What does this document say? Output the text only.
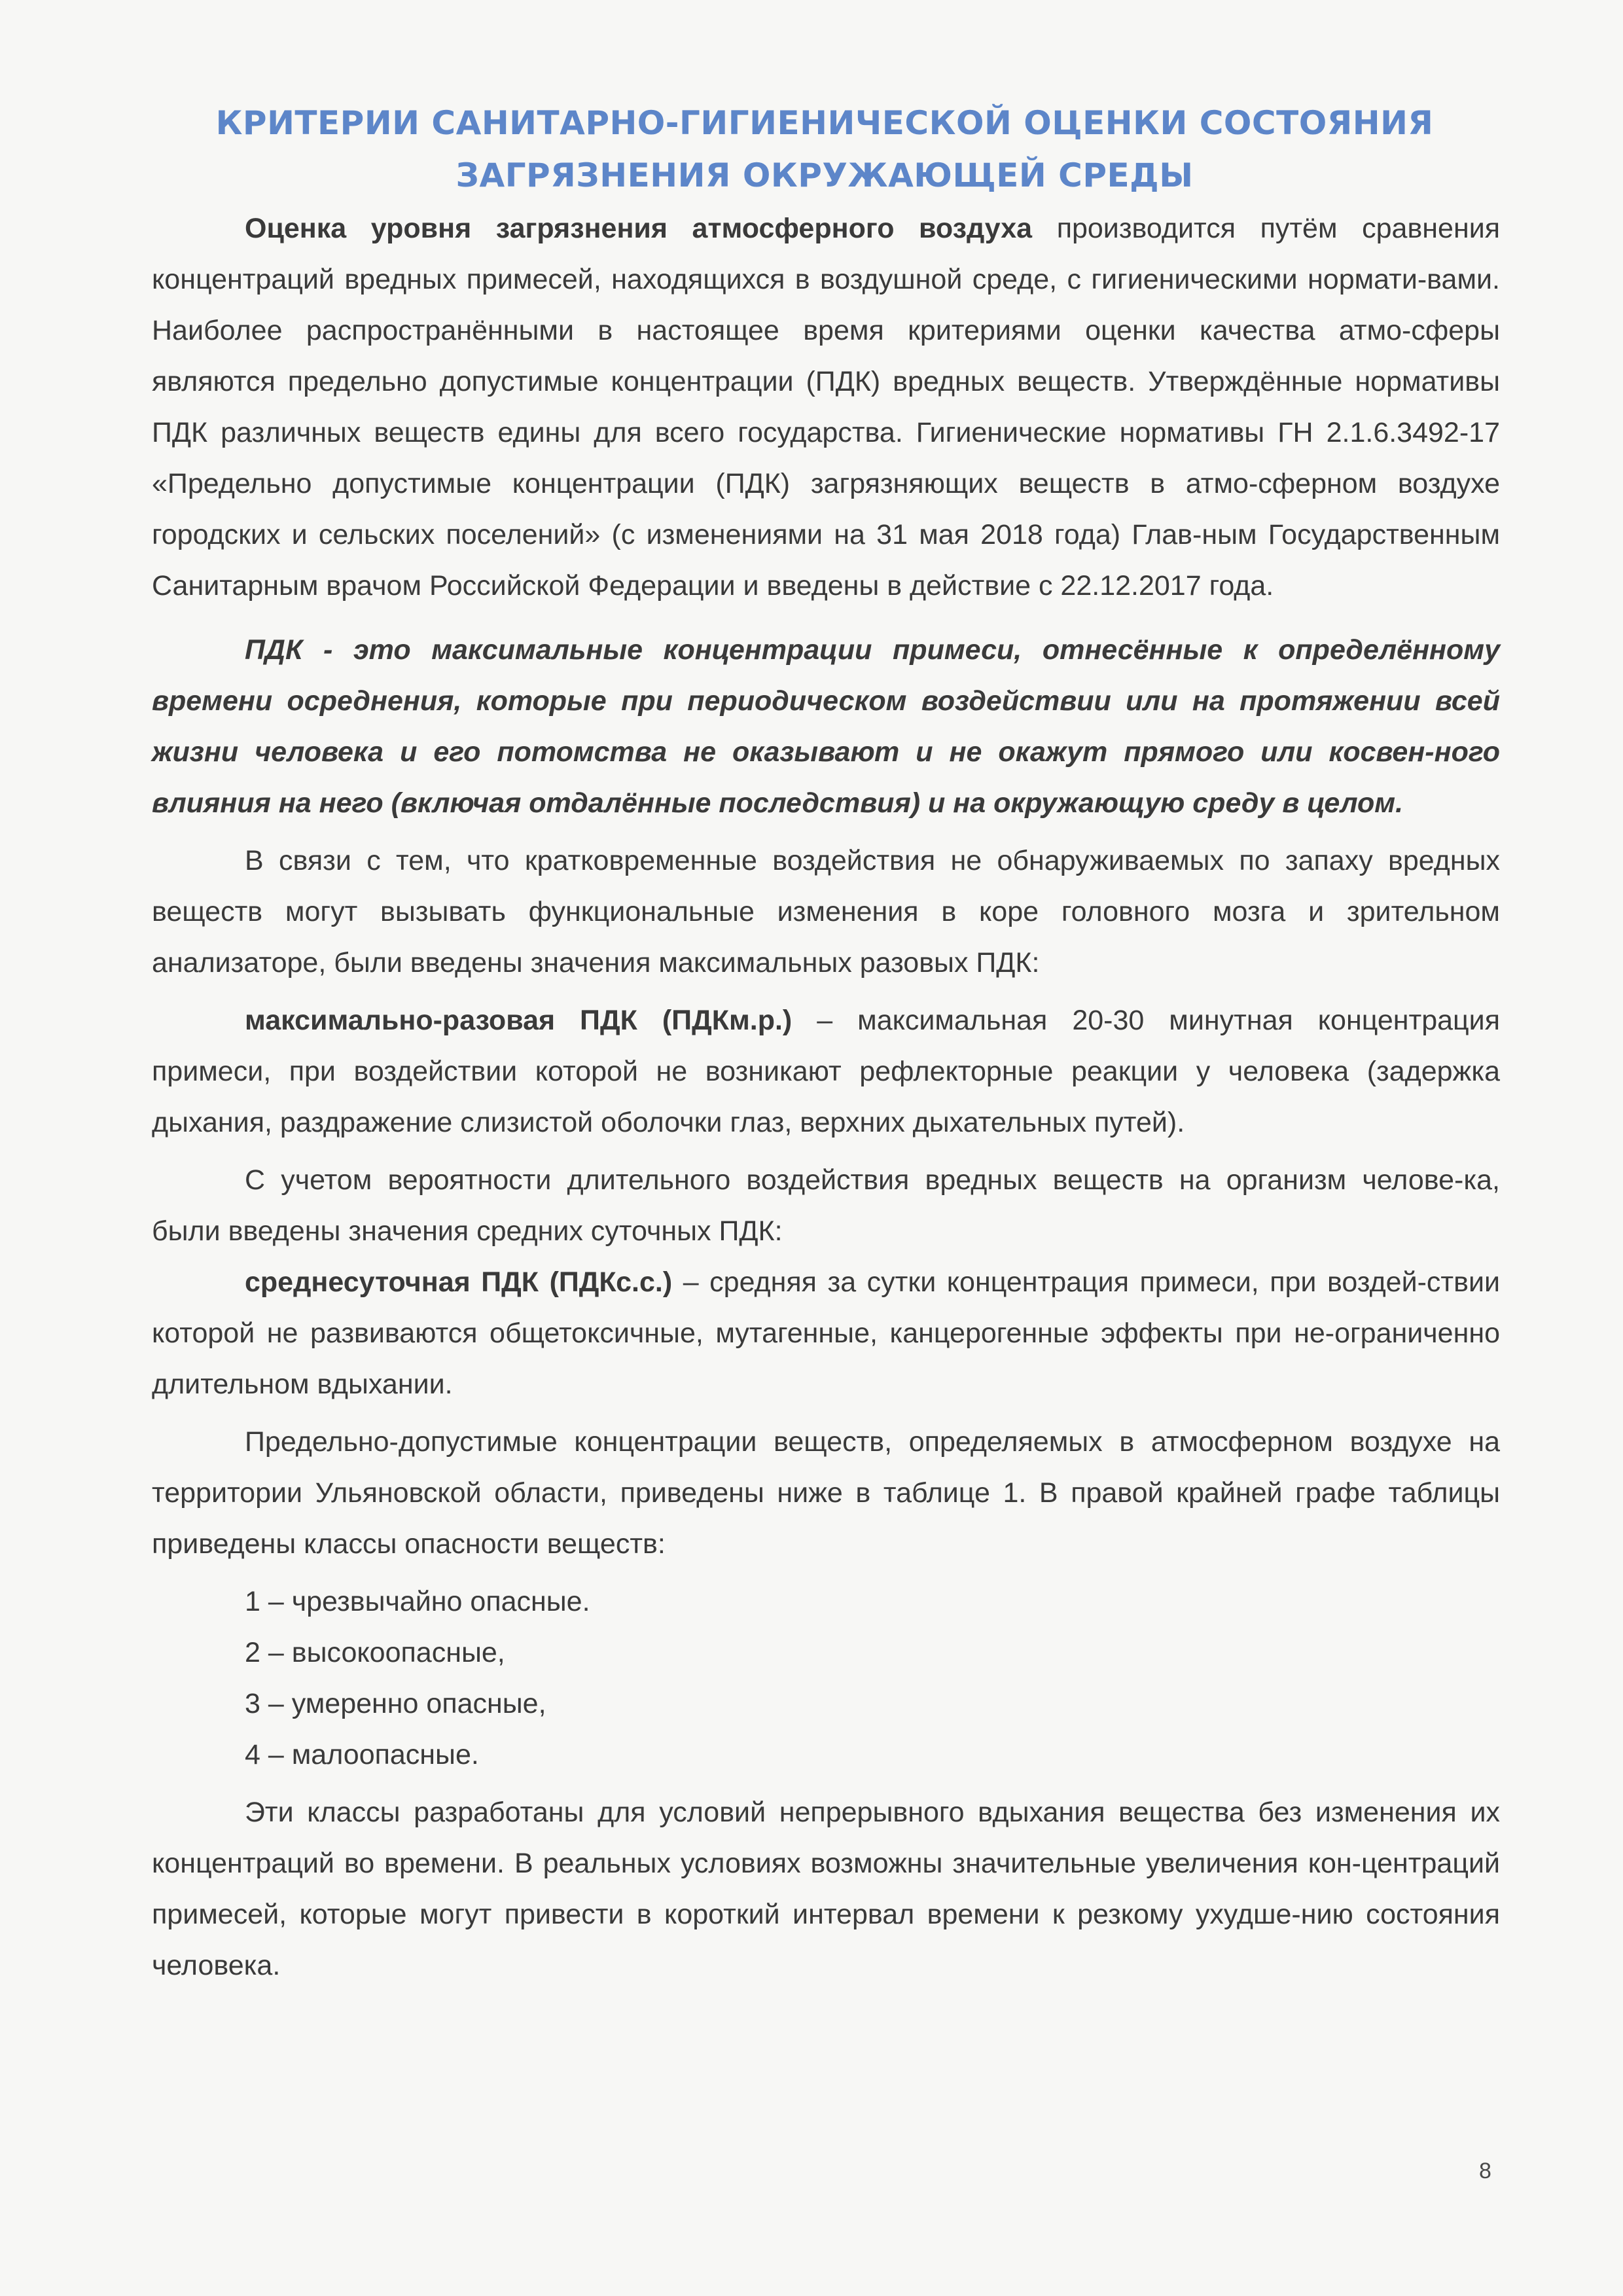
КРИТЕРИИ САНИТАРНО-ГИГИЕНИЧЕСКОЙ ОЦЕНКИ СОСТОЯНИЯ
ЗАГРЯЗНЕНИЯ ОКРУЖАЮЩЕЙ СРЕДЫ

Оценка уровня загрязнения атмосферного воздуха производится путём сравнения концентраций вредных примесей, находящихся в воздушной среде, с гигиеническими нормати-вами. Наиболее распространёнными в настоящее время критериями оценки качества атмо-сферы являются предельно допустимые концентрации (ПДК) вредных веществ. Утверждённые нормативы ПДК различных веществ едины для всего государства. Гигиенические нормативы ГН 2.1.6.3492-17 «Предельно допустимые концентрации (ПДК) загрязняющих веществ в атмо-сферном воздухе городских и сельских поселений» (с изменениями на 31 мая 2018 года) Глав-ным Государственным Санитарным врачом Российской Федерации и введены в действие с 22.12.2017 года.

ПДК - это максимальные концентрации примеси, отнесённые к определённому времени осреднения, которые при периодическом воздействии или на протяжении всей жизни человека и его потомства не оказывают и не окажут прямого или косвен-ного влияния на него (включая отдалённые последствия) и на окружающую среду в целом.

В связи с тем, что кратковременные воздействия не обнаруживаемых по запаху вредных веществ могут вызывать функциональные изменения в коре головного мозга и зрительном анализаторе, были введены значения максимальных разовых ПДК:

максимально-разовая ПДК (ПДКм.р.) – максимальная 20-30 минутная концентрация примеси, при воздействии которой не возникают рефлекторные реакции у человека (задержка дыхания, раздражение слизистой оболочки глаз, верхних дыхательных путей).

С учетом вероятности длительного воздействия вредных веществ на организм челове-ка, были введены значения средних суточных ПДК:

среднесуточная ПДК (ПДКс.с.) – средняя за сутки концентрация примеси, при воздей-ствии которой не развиваются общетоксичные, мутагенные, канцерогенные эффекты при не-ограниченно длительном вдыхании.

Предельно-допустимые концентрации веществ, определяемых в атмосферном воздухе на территории Ульяновской области, приведены ниже в таблице 1. В правой крайней графе таблицы приведены классы опасности веществ:

1 – чрезвычайно опасные.
2 – высокоопасные,
3 – умеренно опасные,
4 – малоопасные.

Эти классы разработаны для условий непрерывного вдыхания вещества без изменения их концентраций во времени. В реальных условиях возможны значительные увеличения кон-центраций примесей, которые могут привести в короткий интервал времени к резкому ухудше-нию состояния человека.

8
